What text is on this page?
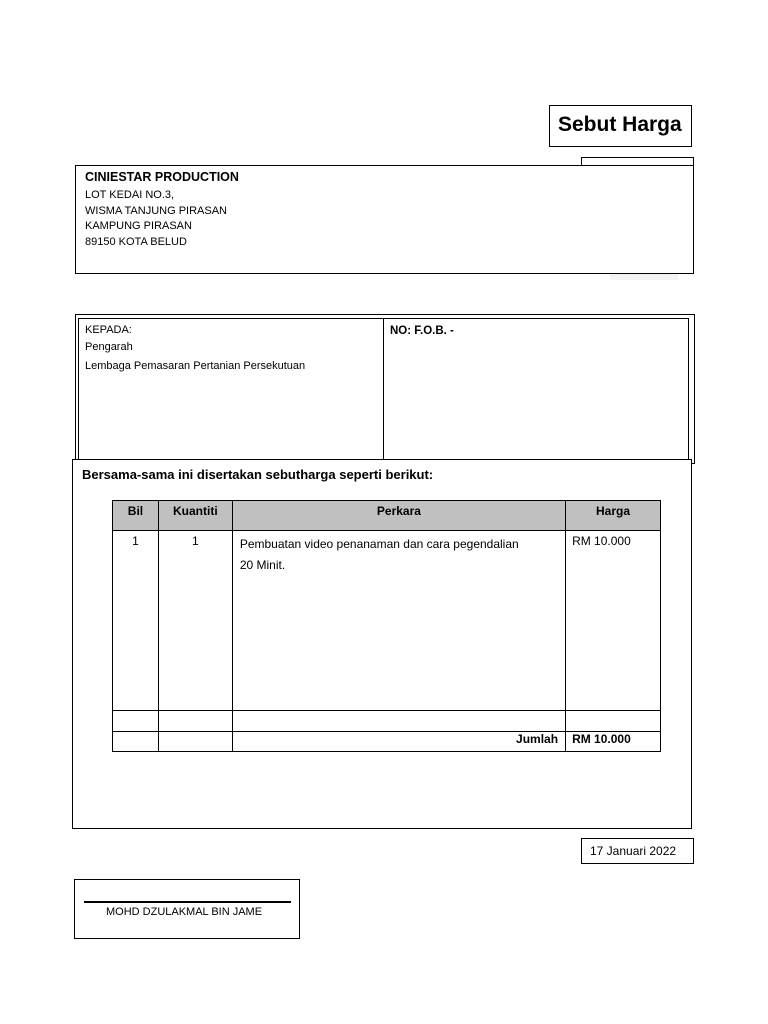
Sebut Harga
CINIESTAR PRODUCTION
LOT KEDAI NO.3,
WISMA TANJUNG PIRASAN
KAMPUNG PIRASAN
89150 KOTA BELUD
KEPADA:
Pengarah
Lembaga Pemasaran Pertanian Persekutuan
NO: F.O.B. -
Bersama-sama ini disertakan sebutharga seperti berikut:
Bil	Kuantiti	Perkara	Harga
1	1	Pembuatan video penanaman dan cara pegendalian
20 Minit.	RM 10.000

		Jumlah	RM 10.000
17 Januari 2022
MOHD DZULAKMAL BIN JAME
